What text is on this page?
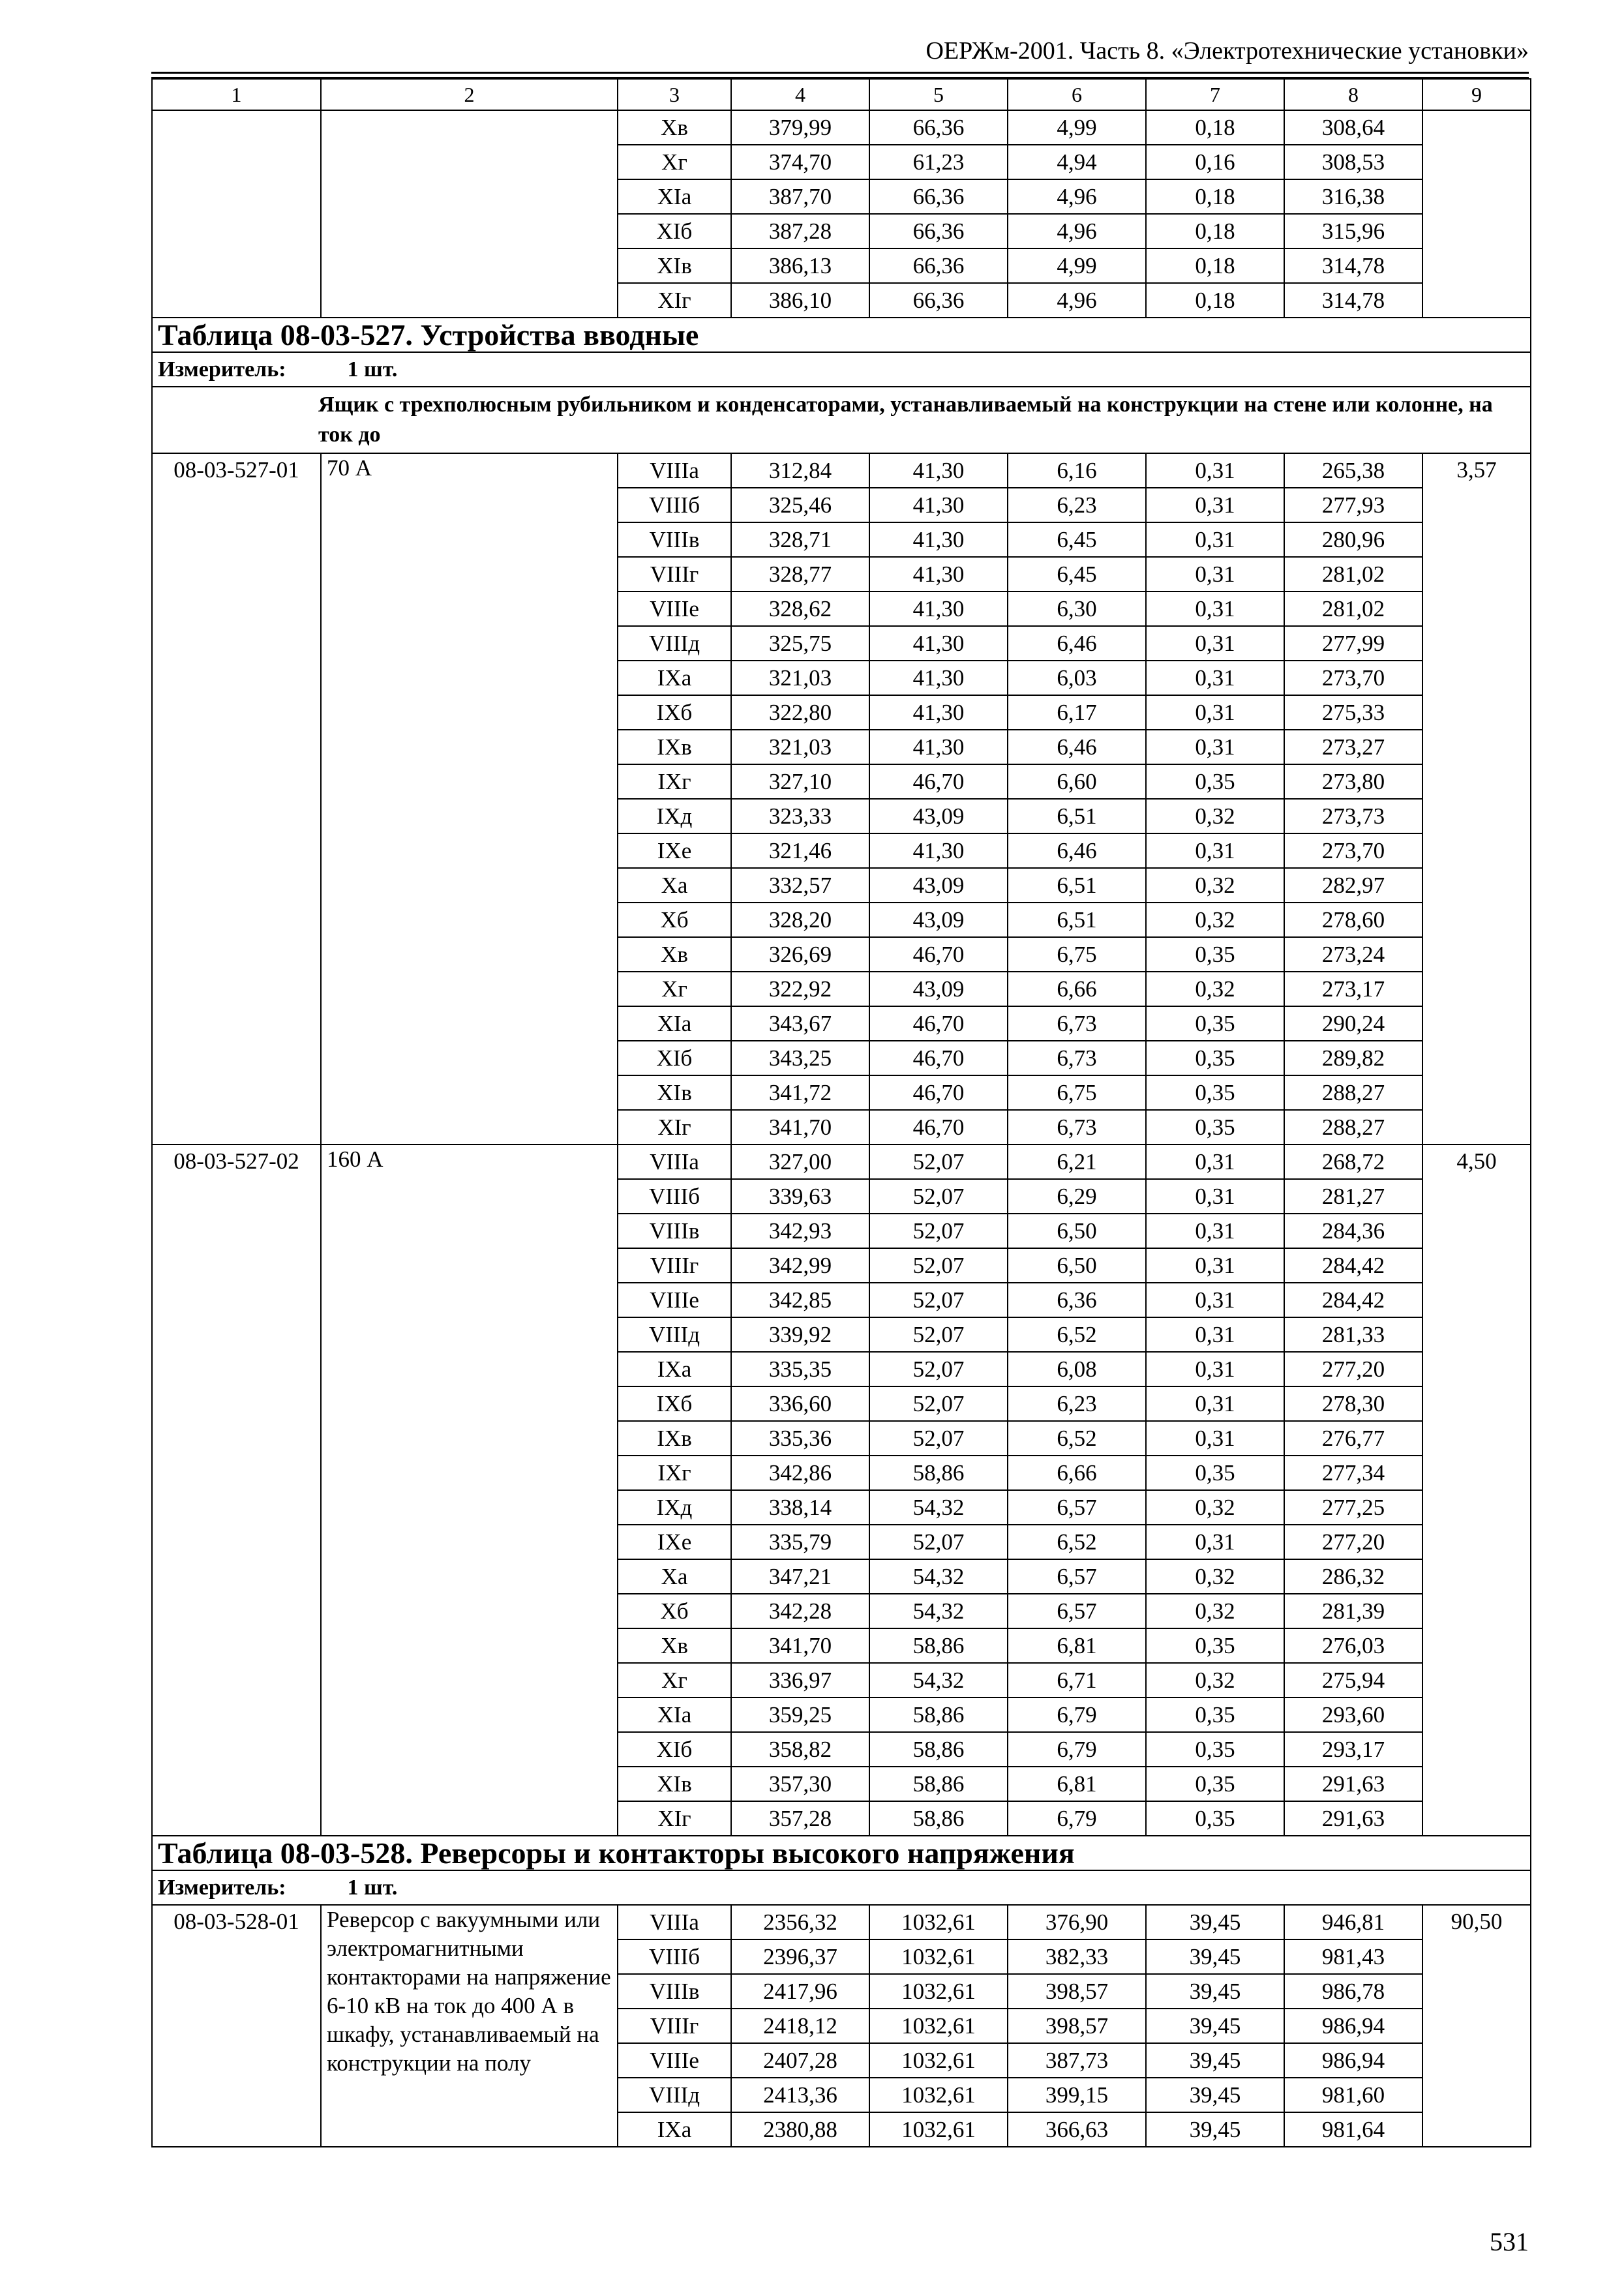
ОЕРЖм-2001. Часть 8. «Электротехнические установки»
1	2	3	4	5	6	7	8	9
		Xв	379,99	66,36	4,99	0,18	308,64	
		Xг	374,70	61,23	4,94	0,16	308,53	
		XIа	387,70	66,36	4,96	0,18	316,38	
		XIб	387,28	66,36	4,96	0,18	315,96	
		XIв	386,13	66,36	4,99	0,18	314,78	
		XIг	386,10	66,36	4,96	0,18	314,78	
Таблица 08-03-527. Устройства вводные								
Измеритель: 1 шт.								
Ящик с трехполюсным рубильником и конденсаторами, устанавливаемый на конструкции на стене или колонне, на ток до								
08-03-527-01	70 А	VIIIа	312,84	41,30	6,16	0,31	265,38	3,57
		VIIIб	325,46	41,30	6,23	0,31	277,93	
		VIIIв	328,71	41,30	6,45	0,31	280,96	
		VIIIг	328,77	41,30	6,45	0,31	281,02	
		VIIIе	328,62	41,30	6,30	0,31	281,02	
		VIIIд	325,75	41,30	6,46	0,31	277,99	
		IXа	321,03	41,30	6,03	0,31	273,70	
		IXб	322,80	41,30	6,17	0,31	275,33	
		IXв	321,03	41,30	6,46	0,31	273,27	
		IXг	327,10	46,70	6,60	0,35	273,80	
		IXд	323,33	43,09	6,51	0,32	273,73	
		IXе	321,46	41,30	6,46	0,31	273,70	
		Xа	332,57	43,09	6,51	0,32	282,97	
		Xб	328,20	43,09	6,51	0,32	278,60	
		Xв	326,69	46,70	6,75	0,35	273,24	
		Xг	322,92	43,09	6,66	0,32	273,17	
		XIа	343,67	46,70	6,73	0,35	290,24	
		XIб	343,25	46,70	6,73	0,35	289,82	
		XIв	341,72	46,70	6,75	0,35	288,27	
		XIг	341,70	46,70	6,73	0,35	288,27	
08-03-527-02	160 А	VIIIа	327,00	52,07	6,21	0,31	268,72	4,50
		VIIIб	339,63	52,07	6,29	0,31	281,27	
		VIIIв	342,93	52,07	6,50	0,31	284,36	
		VIIIг	342,99	52,07	6,50	0,31	284,42	
		VIIIе	342,85	52,07	6,36	0,31	284,42	
		VIIIд	339,92	52,07	6,52	0,31	281,33	
		IXа	335,35	52,07	6,08	0,31	277,20	
		IXб	336,60	52,07	6,23	0,31	278,30	
		IXв	335,36	52,07	6,52	0,31	276,77	
		IXг	342,86	58,86	6,66	0,35	277,34	
		IXд	338,14	54,32	6,57	0,32	277,25	
		IXе	335,79	52,07	6,52	0,31	277,20	
		Xа	347,21	54,32	6,57	0,32	286,32	
		Xб	342,28	54,32	6,57	0,32	281,39	
		Xв	341,70	58,86	6,81	0,35	276,03	
		Xг	336,97	54,32	6,71	0,32	275,94	
		XIа	359,25	58,86	6,79	0,35	293,60	
		XIб	358,82	58,86	6,79	0,35	293,17	
		XIв	357,30	58,86	6,81	0,35	291,63	
		XIг	357,28	58,86	6,79	0,35	291,63	
Таблица 08-03-528. Реверсоры и контакторы высокого напряжения								
Измеритель: 1 шт.								
08-03-528-01	Реверсор с вакуумными или электромагнитными контакторами на напряжение 6-10 кВ на ток до 400 А в шкафу, устанавливаемый на конструкции на полу	VIIIа	2356,32	1032,61	376,90	39,45	946,81	90,50
		VIIIб	2396,37	1032,61	382,33	39,45	981,43	
		VIIIв	2417,96	1032,61	398,57	39,45	986,78	
		VIIIг	2418,12	1032,61	398,57	39,45	986,94	
		VIIIе	2407,28	1032,61	387,73	39,45	986,94	
		VIIIд	2413,36	1032,61	399,15	39,45	981,60	
		IXа	2380,88	1032,61	366,63	39,45	981,64	
531
